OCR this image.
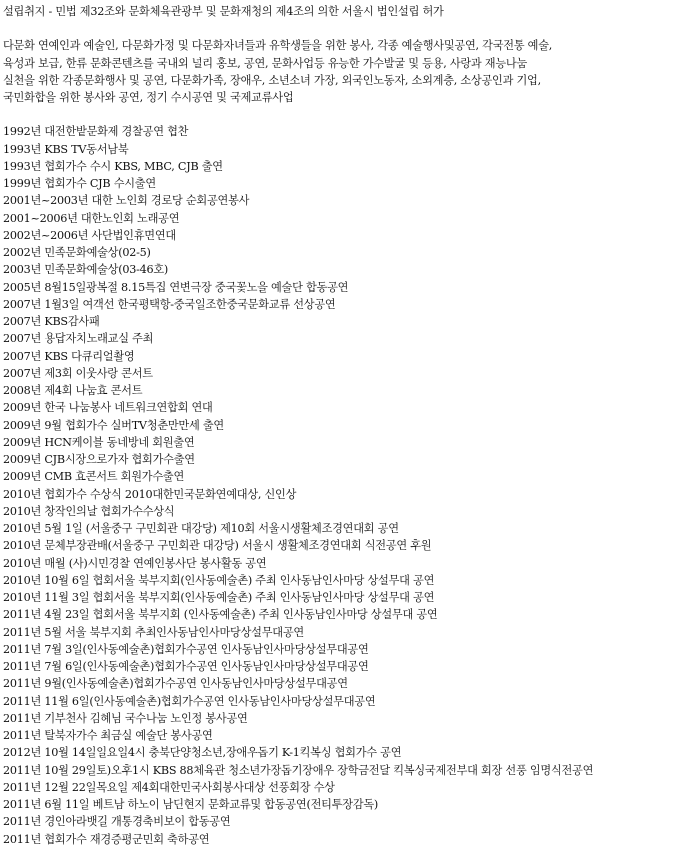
설립취지 - 민법 제32조와 문화체육관광부 및 문화재청의 제4조의 의한 서울시 법인설립 허가
다문화 연예인과 예술인, 다문화가정 및 다문화자녀들과 유학생들을 위한 봉사, 각종 예술행사및공연, 각국전통 예술,
육성과 보급, 한류 문화콘텐츠를 국내외 널리 홍보, 공연, 문화사업등 유능한 가수발굴 및 등용, 사랑과 재능나눔
실천을 위한 각종문화행사 및 공연, 다문화가족, 장애우, 소년소녀 가장, 외국인노동자, 소외계층, 소상공인과 기업,
국민화합을 위한 봉사와 공연, 정기 수시공연 및 국제교류사업
1992년 대전한밭문화제 경찰공연 협찬
1993년 KBS TV동서남북
1993년 협회가수 수시 KBS, MBC, CJB 출연
1999년 협회가수 CJB 수시출연
2001년~2003년 대한 노인회 경로당 순회공연봉사
2001~2006년 대한노인회 노래공연
2002년~2006년 사단법인휴면연대
2002년 민족문화예술상(02-5)
2003년 민족문화예술상(03-46호)
2005년 8월15일광복절 8.15특집 연변극장 중국꽃노을 예술단 합동공연
2007년 1월3일 여객선 한국평택항-중국일조한중국문화교류 선상공연
2007년 KBS감사패
2007년 용답자치노래교실 주최
2007년 KBS 다큐리얼촬영
2007년 제3회 이웃사랑 콘서트
2008년 제4회 나눔효 콘서트
2009년 한국 나눔봉사 네트워크연합회 연대
2009년 9월 협회가수 실버TV청춘만만세 출연
2009년 HCN케이블 동네방네 회원출연
2009년 CJB시장으로가자 협회가수출연
2009년 CMB 효콘서트 회원가수출연
2010년 협회가수 수상식 2010대한민국문화연예대상, 신인상
2010년 창작인의날 협회가수수상식
2010년 5월 1일 (서울중구 구민회관 대강당) 제10회 서울시생활체조경연대회 공연
2010년 문체부장관배(서울중구 구민회관 대강당) 서울시 생활체조경연대회 식전공연 후원
2010년 매월 (사)시민경찰 연예인봉사단 봉사활동 공연
2010년 10월 6일 협회서울 북부지회(인사동예술촌) 주최 인사동남인사마당 상설무대 공연
2010년 11월 3일 협회서울 북부지회(인사동예술촌) 주최 인사동남인사마당 상설무대 공연
2011년 4월 23일 협회서울 북부지회 (인사동예술촌) 주최 인사동남인사마당 상설무대 공연
2011년 5월 서울 북부지회 추최인사동남인사마당상설무대공연
2011년 7월 3일(인사동예술촌)협회가수공연 인사동남인사마당상설무대공연
2011년 7월 6일(인사동예술촌)협회가수공연 인사동남인사마당상설무대공연
2011년 9월(인사동예술촌)협회가수공연 인사동남인사마당상설무대공연
2011년 11월 6일(인사동예술촌)협회가수공연 인사동남인사마당상설무대공연
2011년 기부천사 김혜님 국수나눔 노인정 봉사공연
2011년 탈북자가수 최금실 예술단 봉사공연
2012년 10월 14일일요일4시 충북단양청소년,장애우돕기 K-1킥복싱 협회가수 공연
2011년 10월 29일토)오후1시 KBS 88체육관 청소년가장돕기장애우 장학금전달 킥복싱국제전부대 회장 선풍 임명식전공연
2011년 12월 22일목요일 제4회대한민국사회봉사대상 선풍회장 수상
2011년 6월 11일 베트남 하노이 남딘현지 문화교류및 합동공연(전티투장감독)
2011년 경인아라뱃길 개통경축비보이 합동공연
2011년 협회가수 재경증평군민회 축하공연
